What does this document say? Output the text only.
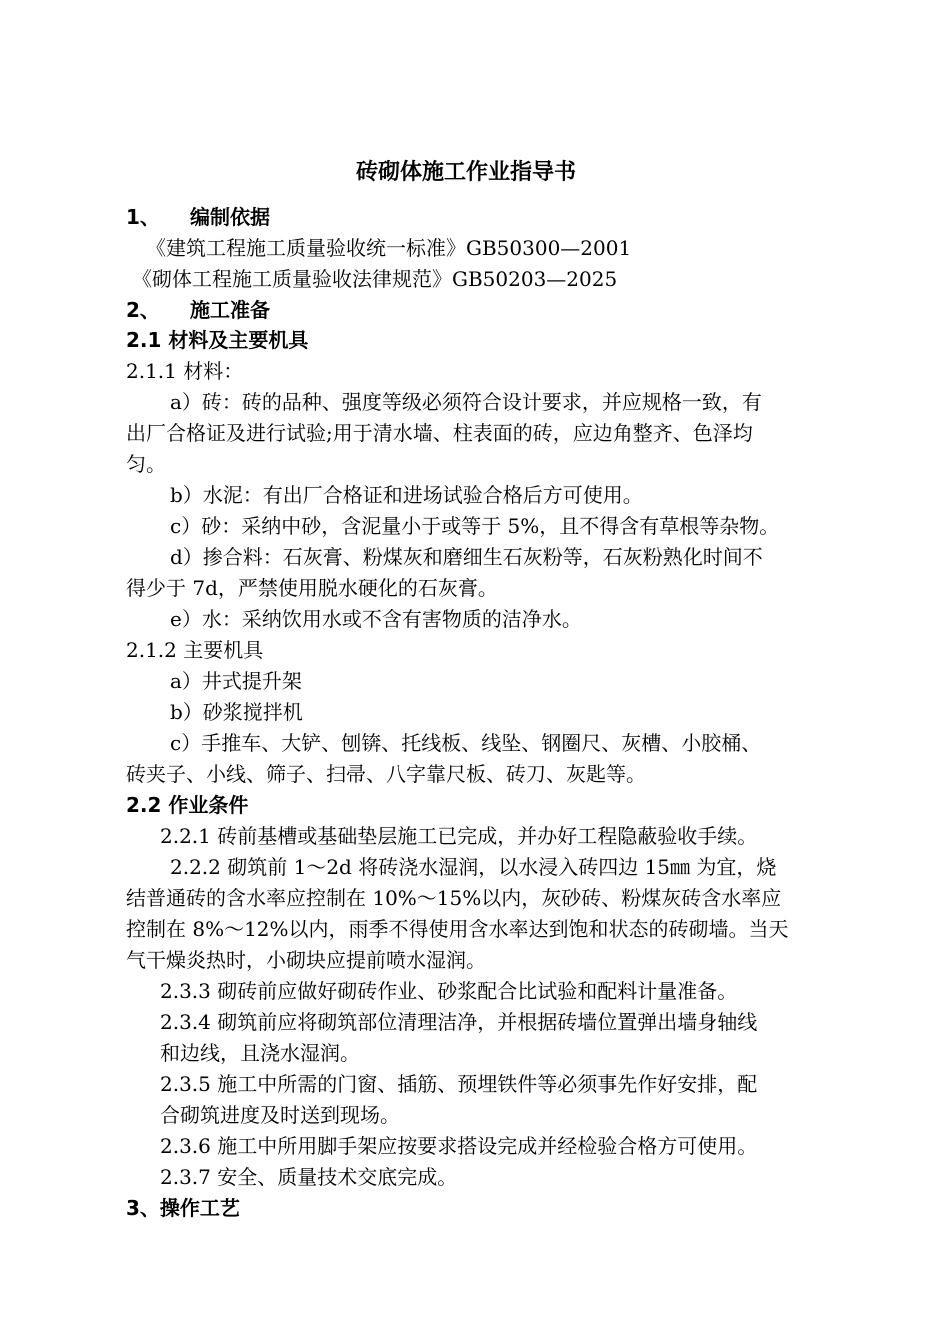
砖砌体施工作业指导书
1、 编制依据

《建筑工程施工质量验收统一标准》GB50300—2001

《砌体工程施工质量验收法律规范》GB50203—2025

2、 施工准备

2.1 材料及主要机具

2.1.1 材料：

a）砖：砖的品种、强度等级必须符合设计要求，并应规格一致，有

出厂合格证及进行试验;用于清水墙、柱表面的砖，应边角整齐、色泽均

匀。

b）水泥：有出厂合格证和进场试验合格后方可使用。

c）砂：采纳中砂，含泥量小于或等于 5%，且不得含有草根等杂物。

d）掺合料：石灰膏、粉煤灰和磨细生石灰粉等，石灰粉熟化时间不

得少于 7d，严禁使用脱水硬化的石灰膏。

e）水：采纳饮用水或不含有害物质的洁净水。

2.1.2 主要机具

a）井式提升架

b）砂浆搅拌机

c）手推车、大铲、刨锛、托线板、线坠、钢圈尺、灰槽、小胶桶、

砖夹子、小线、筛子、扫帚、八字靠尺板、砖刀、灰匙等。

2.2 作业条件

2.2.1 砖前基槽或基础垫层施工已完成，并办好工程隐蔽验收手续。

2.2.2 砌筑前 1～2d 将砖浇水湿润，以水浸入砖四边 15㎜ 为宜，烧

结普通砖的含水率应控制在 10%～15%以内，灰砂砖、粉煤灰砖含水率应

控制在 8%～12%以内，雨季不得使用含水率达到饱和状态的砖砌墙。当天

气干燥炎热时，小砌块应提前喷水湿润。

2.3.3 砌砖前应做好砌砖作业、砂浆配合比试验和配料计量准备。

2.3.4 砌筑前应将砌筑部位清理洁净，并根据砖墙位置弹出墙身轴线

和边线，且浇水湿润。

2.3.5 施工中所需的门窗、插筋、预埋铁件等必须事先作好安排，配

合砌筑进度及时送到现场。

2.3.6 施工中所用脚手架应按要求搭设完成并经检验合格方可使用。

2.3.7 安全、质量技术交底完成。

3、操作工艺
